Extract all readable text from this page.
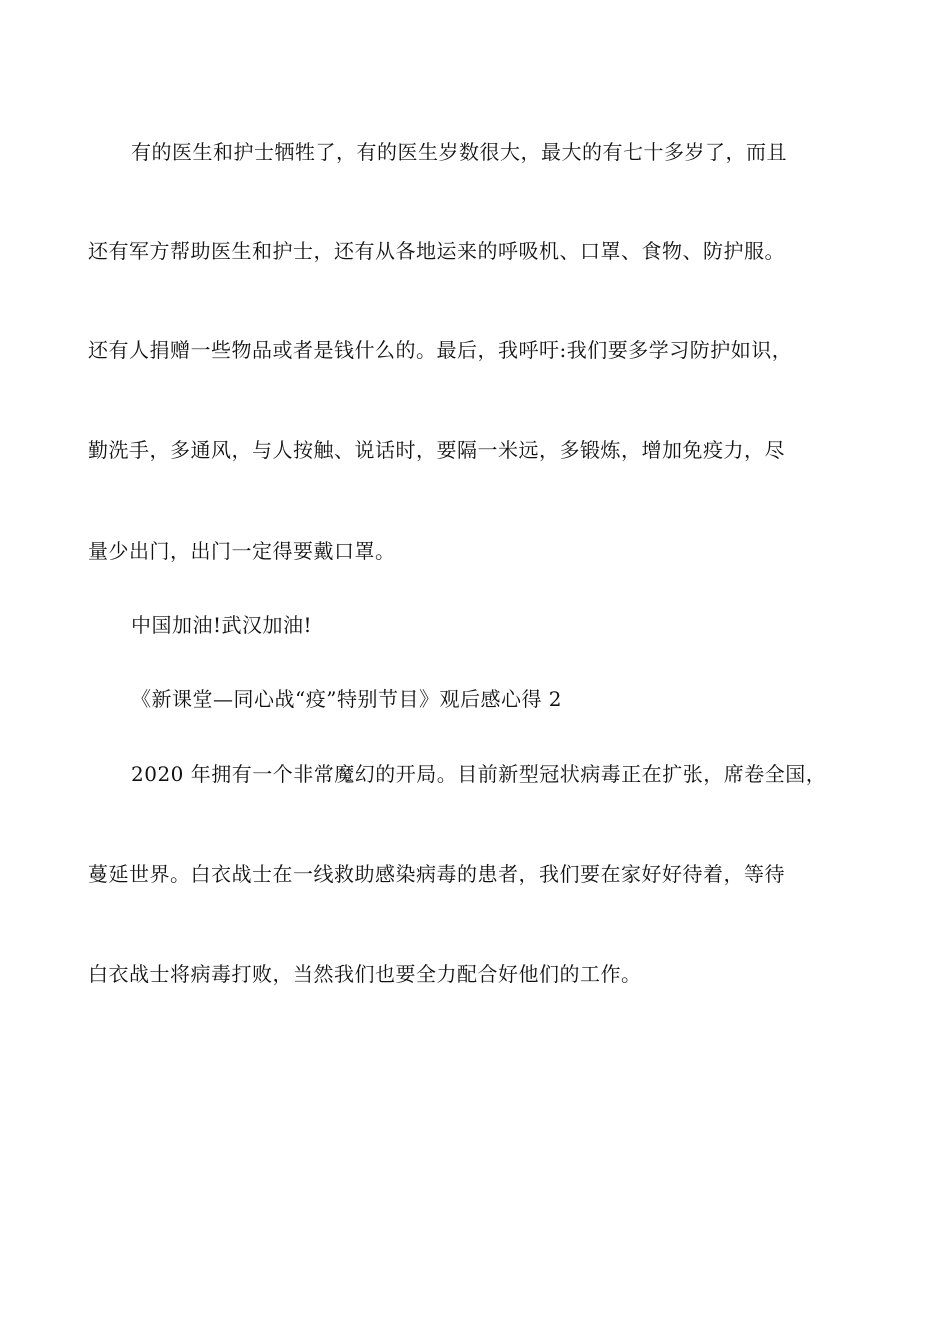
有的医生和护士牺牲了，有的医生岁数很大，最大的有七十多岁了，而且
还有军方帮助医生和护士，还有从各地运来的呼吸机、口罩、食物、防护服。
还有人捐赠一些物品或者是钱什么的。最后，我呼吁:我们要多学习防护如识，
勤洗手，多通风，与人按触、说话时，要隔一米远，多锻炼，增加免疫力，尽
量少出门，出门一定得要戴口罩。
中国加油!武汉加油!
《新课堂—同心战“疫”特别节目》观后感心得 2
2020 年拥有一个非常魔幻的开局。目前新型冠状病毒正在扩张，席卷全国，
蔓延世界。白衣战士在一线救助感染病毒的患者，我们要在家好好待着，等待
白衣战士将病毒打败，当然我们也要全力配合好他们的工作。
